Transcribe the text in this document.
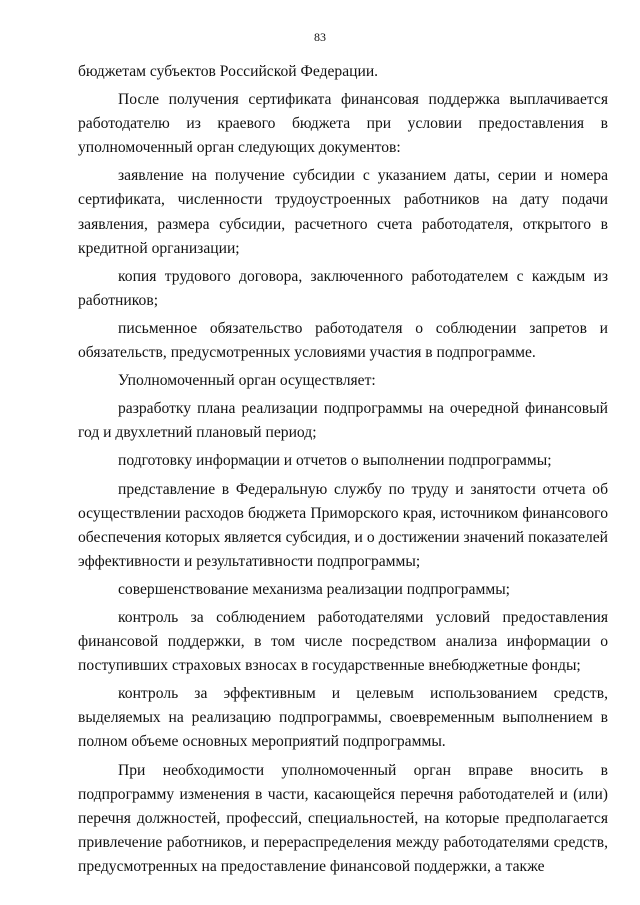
83

бюджетам субъектов Российской Федерации.

После получения сертификата финансовая поддержка выплачивается работодателю из краевого бюджета при условии предоставления в уполномоченный орган следующих документов:

заявление на получение субсидии с указанием даты, серии и номера сертификата, численности трудоустроенных работников на дату подачи заявления, размера субсидии, расчетного счета работодателя, открытого в кредитной организации;

копия трудового договора, заключенного работодателем с каждым из работников;

письменное обязательство работодателя о соблюдении запретов и обязательств, предусмотренных условиями участия в подпрограмме.

Уполномоченный орган осуществляет:

разработку плана реализации подпрограммы на очередной финансовый год и двухлетний плановый период;

подготовку информации и отчетов о выполнении подпрограммы;

представление в Федеральную службу по труду и занятости отчета об осуществлении расходов бюджета Приморского края, источником финансового обеспечения которых является субсидия, и о достижении значений показателей эффективности и результативности подпрограммы;

совершенствование механизма реализации подпрограммы;

контроль за соблюдением работодателями условий предоставления финансовой поддержки, в том числе посредством анализа информации о поступивших страховых взносах в государственные внебюджетные фонды;

контроль за эффективным и целевым использованием средств, выделяемых на реализацию подпрограммы, своевременным выполнением в полном объеме основных мероприятий подпрограммы.

При необходимости уполномоченный орган вправе вносить в подпрограмму изменения в части, касающейся перечня работодателей и (или) перечня должностей, профессий, специальностей, на которые предполагается привлечение работников, и перераспределения между работодателями средств, предусмотренных на предоставление финансовой поддержки, а также
